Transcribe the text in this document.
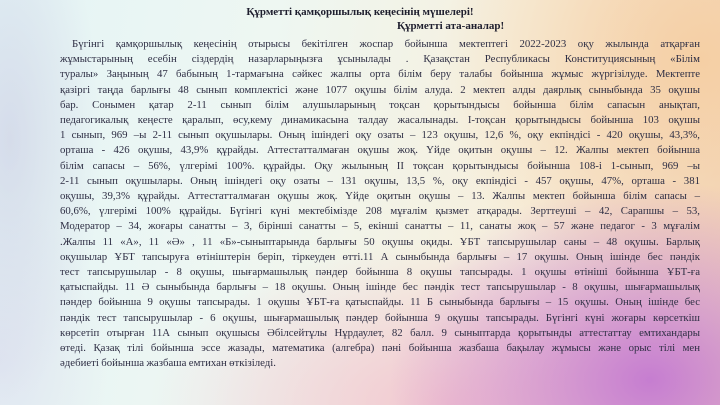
Құрметті қамқоршылық кеңесінің мүшелері!
Құрметті ата-аналар!
Бүгінгі қамқоршылық кеңесінің отырысы бекітілген жоспар бойынша мектептегі 2022-2023 оқу жылында атқарған
жұмыстарының есебін сіздердің назарларыңызға ұсынылады . Қазақстан Республикасы Конституциясының «Білім
туралы» Заңының 47 бабының 1-тармағына сәйкес жалпы орта білім беру талабы бойынша жұмыс жүргізілуде. Мектепте
қазіргі таңда барлығы 48 сынып комплектісі және 1077 оқушы білім алуда. 2 мектеп алды даярлық сыныбында 35 оқушы
бар. Сонымен қатар 2-11 сынып білім алушыларының тоқсан қорытындысы бойынша білім сапасын анықтап,
педагогикалық кеңесте қаралып, өсу,кему динамикасына талдау жасалынады. І-тоқсан қорытындысы бойынша 103 оқушы
1 сынып, 969 –ы 2-11 сынып оқушылары. Оның ішіндегі оқу озаты – 123 оқушы, 12,6 %, оқу екпіндісі - 420 оқушы, 43,3%,
орташа - 426 оқушы, 43,9% құрайды. Аттестатталмаған оқушы жоқ. Үйде оқитын оқушы – 12. Жалпы мектеп бойынша
білім сапасы – 56%, үлгерімі 100%. құрайды. Оқу жылының ІІ тоқсан қорытындысы бойынша 108-і 1-сынып, 969 –ы
2-11 сынып оқушылары. Оның ішіндегі оқу озаты – 131 оқушы, 13,5 %, оқу екпіндісі - 457 оқушы, 47%, орташа - 381
оқушы, 39,3% құрайды. Аттестатталмаған оқушы жоқ. Үйде оқитын оқушы – 13. Жалпы мектеп бойынша білім сапасы –
60,6%, үлгерімі 100% құрайды. Бүгінгі күні мектебімізде 208 мұғалім қызмет атқарады. Зерттеуші – 42, Сарапшы – 53,
Модератор – 34, жоғары санатты – 3, бірінші санатты – 5, екінші санатты – 11, санаты жоқ – 57 және педагог - 3 мұғалім
.Жалпы 11 «А», 11 «Ә» , 11 «Б»-сыныптарында барлығы 50 оқушы оқиды. ҰБТ тапсырушылар саны – 48 оқушы. Барлық
оқушылар ҰБТ тапсыруға өтініштерін беріп, тіркеуден өтті.11 А сыныбында барлығы – 17 оқушы. Оның ішінде бес пәндік
тест тапсырушылар - 8 оқушы, шығармашылық пәндер бойынша 8 оқушы тапсырады. 1 оқушы өтініші бойынша ҰБТ-ға
қатыспайды. 11 Ә сыныбында барлығы – 18 оқушы. Оның ішінде бес пәндік тест тапсырушылар - 8 оқушы, шығармашылық
пәндер бойынша 9 оқушы тапсырады. 1 оқушы ҰБТ-ға қатыспайды. 11 Б сыныбында барлығы – 15 оқушы. Оның ішінде бес
пәндік тест тапсырушылар - 6 оқушы, шығармашылық пәндер бойынша 9 оқушы тапсырады. Бүгінгі күні жоғары көрсеткіш
көрсетіп отырған 11А сынып оқушысы Әбілсейтұлы Нұрдаулет, 82 балл. 9 сыныптарда қорытынды аттестаттау емтихандары
өтеді. Қазақ тілі бойынша эссе жазады, математика (алгебра) пәні бойынша жазбаша бақылау жұмысы және орыс тілі мен
әдебиеті бойынша жазбаша емтихан өткізіледі.
